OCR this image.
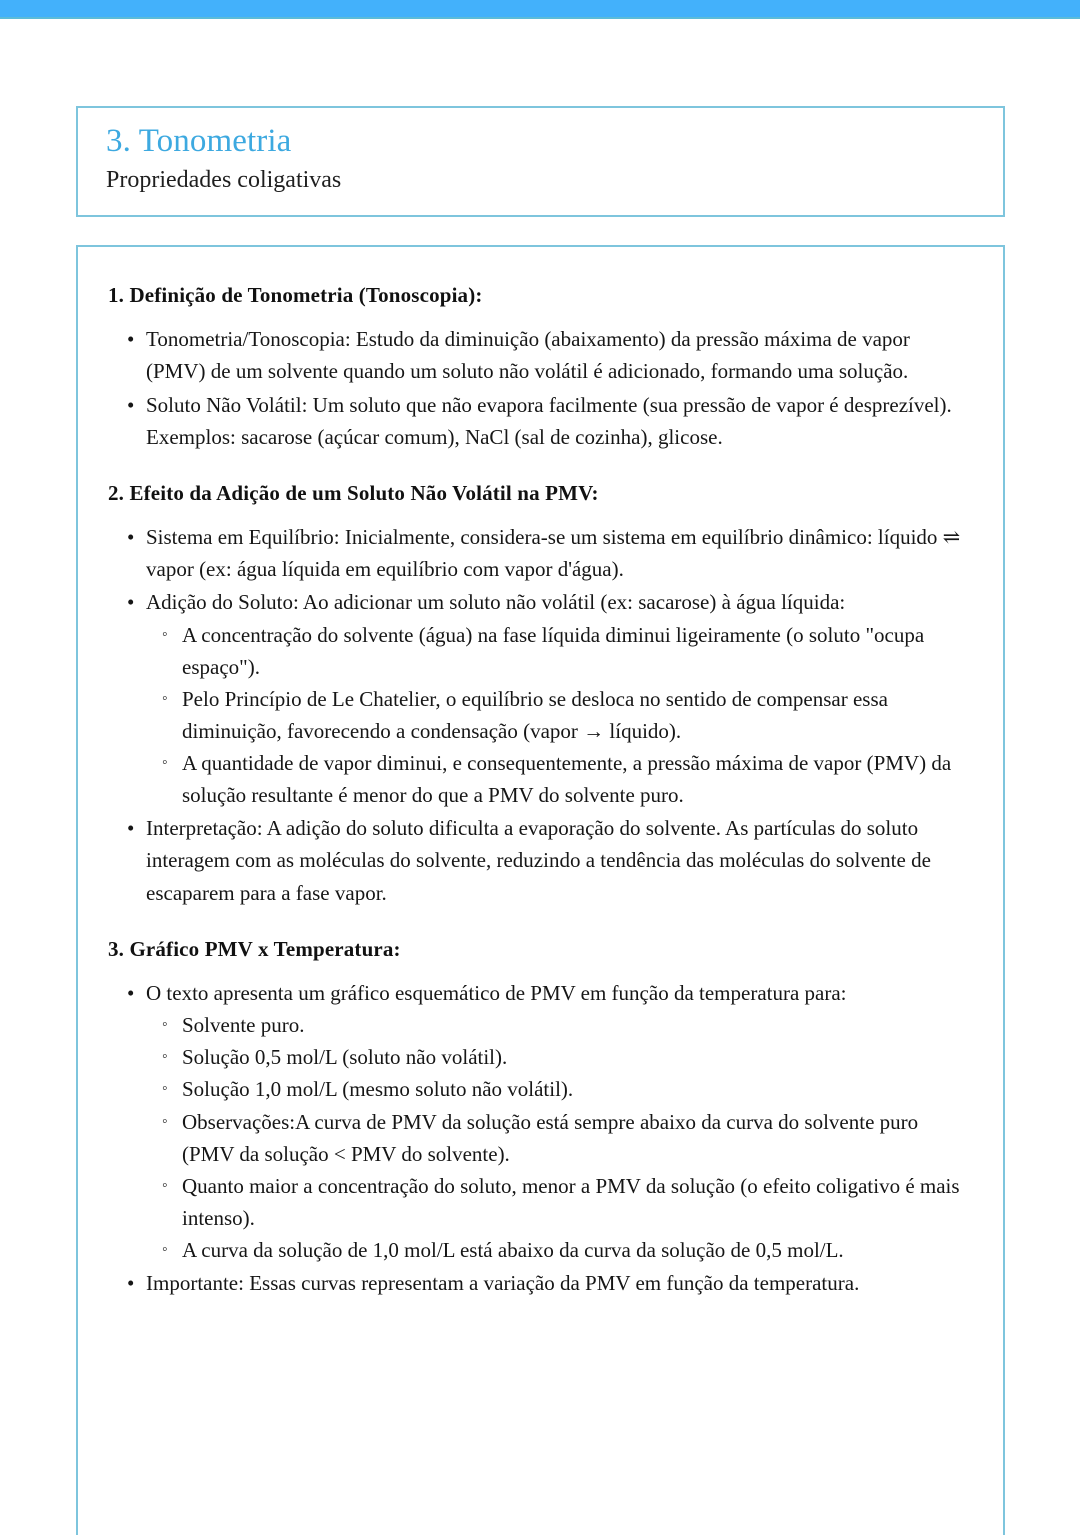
3. Tonometria
Propriedades coligativas
1. Definição de Tonometria (Tonoscopia):
• Tonometria/Tonoscopia: Estudo da diminuição (abaixamento) da pressão máxima de vapor (PMV) de um solvente quando um soluto não volátil é adicionado, formando uma solução.
• Soluto Não Volátil: Um soluto que não evapora facilmente (sua pressão de vapor é desprezível). Exemplos: sacarose (açúcar comum), NaCl (sal de cozinha), glicose.
2. Efeito da Adição de um Soluto Não Volátil na PMV:
• Sistema em Equilíbrio: Inicialmente, considera-se um sistema em equilíbrio dinâmico: líquido ⇌ vapor (ex: água líquida em equilíbrio com vapor d'água).
• Adição do Soluto: Ao adicionar um soluto não volátil (ex: sacarose) à água líquida:
◦ A concentração do solvente (água) na fase líquida diminui ligeiramente (o soluto "ocupa espaço").
◦ Pelo Princípio de Le Chatelier, o equilíbrio se desloca no sentido de compensar essa diminuição, favorecendo a condensação (vapor → líquido).
◦ A quantidade de vapor diminui, e consequentemente, a pressão máxima de vapor (PMV) da solução resultante é menor do que a PMV do solvente puro.
• Interpretação: A adição do soluto dificulta a evaporação do solvente. As partículas do soluto interagem com as moléculas do solvente, reduzindo a tendência das moléculas do solvente de escaparem para a fase vapor.
3. Gráfico PMV x Temperatura:
• O texto apresenta um gráfico esquemático de PMV em função da temperatura para:
◦ Solvente puro.
◦ Solução 0,5 mol/L (soluto não volátil).
◦ Solução 1,0 mol/L (mesmo soluto não volátil).
◦ Observações:A curva de PMV da solução está sempre abaixo da curva do solvente puro (PMV da solução < PMV do solvente).
◦ Quanto maior a concentração do soluto, menor a PMV da solução (o efeito coligativo é mais intenso).
◦ A curva da solução de 1,0 mol/L está abaixo da curva da solução de 0,5 mol/L.
• Importante: Essas curvas representam a variação da PMV em função da temperatura.
